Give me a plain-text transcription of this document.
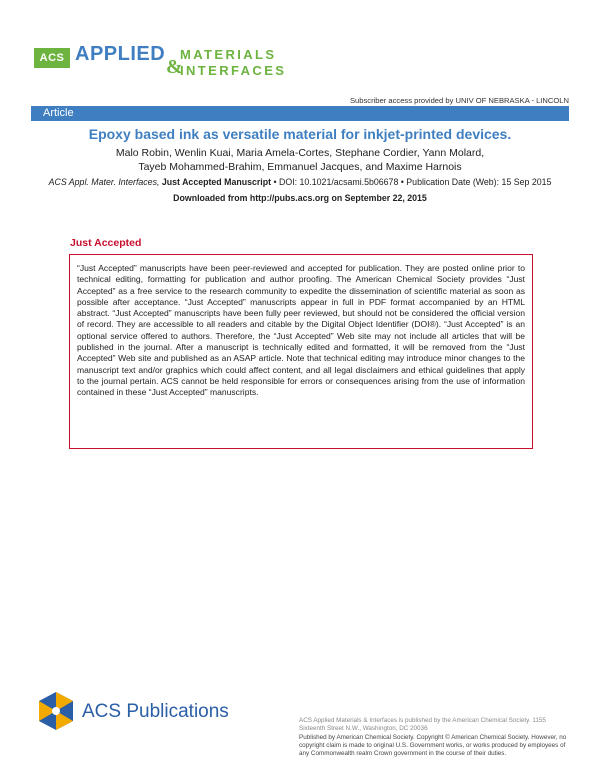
ACS APPLIED MATERIALS
&
INTERFACES
Subscriber access provided by UNIV OF NEBRASKA - LINCOLN
Article
Epoxy based ink as versatile material for inkjet-printed devices.
Malo Robin, Wenlin Kuai, Maria Amela-Cortes, Stephane Cordier, Yann Molard, Tayeb Mohammed-Brahim, Emmanuel Jacques, and Maxime Harnois
ACS Appl. Mater. Interfaces, Just Accepted Manuscript • DOI: 10.1021/acsami.5b06678 • Publication Date (Web): 15 Sep 2015
Downloaded from http://pubs.acs.org on September 22, 2015
Just Accepted

“Just Accepted” manuscripts have been peer-reviewed and accepted for publication. They are posted online prior to technical editing, formatting for publication and author proofing. The American Chemical Society provides “Just Accepted” as a free service to the research community to expedite the dissemination of scientific material as soon as possible after acceptance. “Just Accepted” manuscripts appear in full in PDF format accompanied by an HTML abstract. “Just Accepted” manuscripts have been fully peer reviewed, but should not be considered the official version of record. They are accessible to all readers and citable by the Digital Object Identifier (DOI®). “Just Accepted” is an optional service offered to authors. Therefore, the “Just Accepted” Web site may not include all articles that will be published in the journal. After a manuscript is technically edited and formatted, it will be removed from the “Just Accepted” Web site and published as an ASAP article. Note that technical editing may introduce minor changes to the manuscript text and/or graphics which could affect content, and all legal disclaimers and ethical guidelines that apply to the journal pertain. ACS cannot be held responsible for errors or consequences arising from the use of information contained in these “Just Accepted” manuscripts.

ACS Publications	ACS Applied Materials & Interfaces is published by the American Chemical Society. 1155 Sixteenth Street N.W., Washington, DC 20036

Published by American Chemical Society. Copyright © American Chemical Society. However, no copyright claim is made to original U.S. Government works, or works produced by employees of any Commonwealth realm Crown government in the course of their duties.
